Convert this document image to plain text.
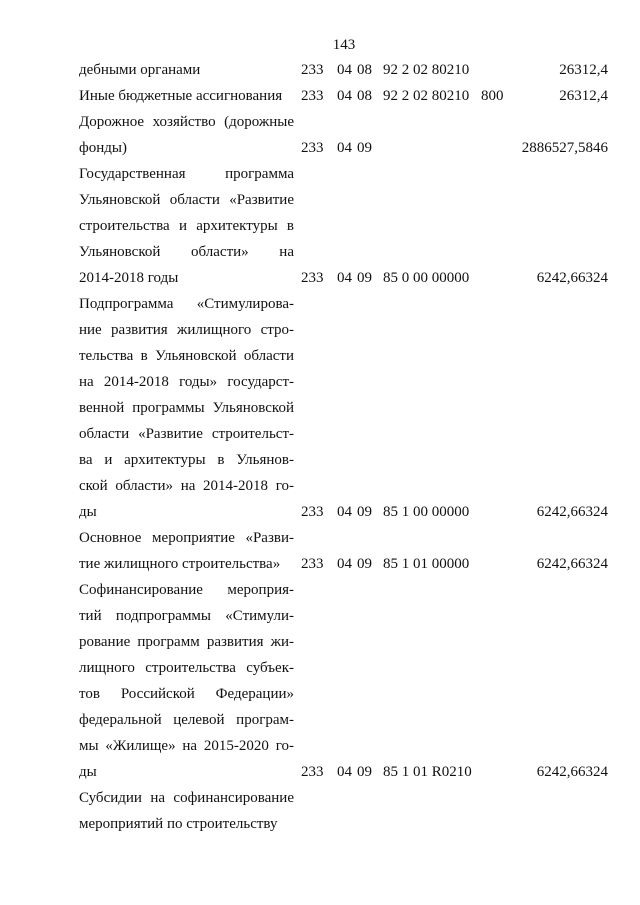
143
дебными органами	233 04 08 92 2 02 80210	26312,4
Иные бюджетные ассигнования	233 04 08 92 2 02 80210 800	26312,4
Дорожное хозяйство (дорожные
фонды)	233 04 09	2886527,5846
Государственная программа
Ульяновской области «Развитие
строительства и архитектуры в
Ульяновской области» на
2014-2018 годы	233 04 09 85 0 00 00000	6242,66324
Подпрограмма «Стимулирова-
ние развития жилищного стро-
тельства в Ульяновской области
на 2014-2018 годы» государст-
венной программы Ульяновской
области «Развитие строительст-
ва и архитектуры в Ульянов-
ской области» на 2014-2018 го-
ды	233 04 09 85 1 00 00000	6242,66324
Основное мероприятие «Разви-
тие жилищного строительства»	233 04 09 85 1 01 00000	6242,66324
Софинансирование мероприя-
тий подпрограммы «Стимули-
рование программ развития жи-
лищного строительства субъек-
тов Российской Федерации»
федеральной целевой програм-
мы «Жилище» на 2015-2020 го-
ды	233 04 09 85 1 01 R0210	6242,66324
Субсидии на софинансирование
мероприятий по строительству
